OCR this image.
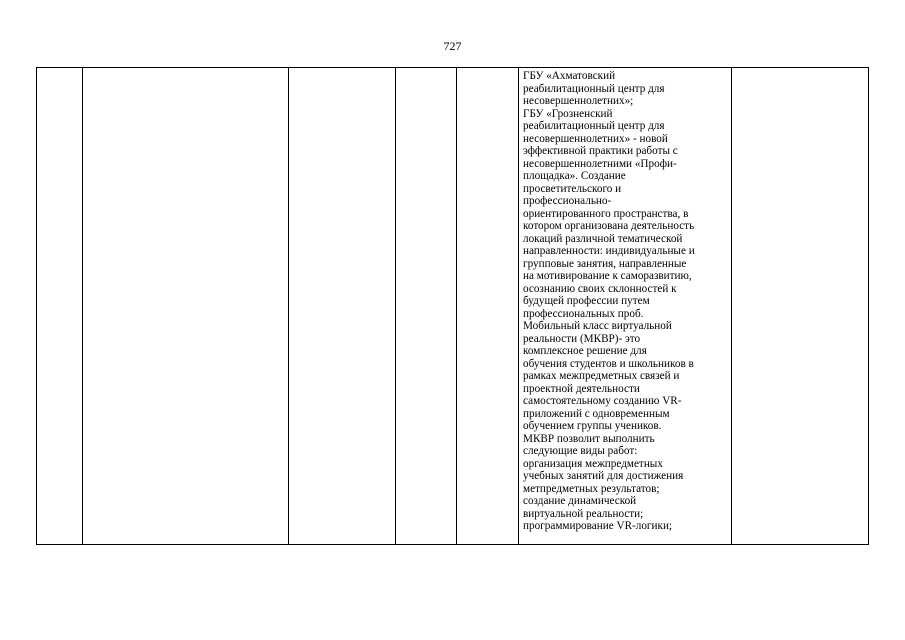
727

ГБУ «Ахматовский
реабилитационный центр для
несовершеннолетних»;
ГБУ «Грозненский
реабилитационный центр для
несовершеннолетних» - новой
эффективной практики работы с
несовершеннолетними «Профи-
площадка». Создание
просветительского и
профессионально-
ориентированного пространства, в
котором организована деятельность
локаций различной тематической
направленности: индивидуальные и
групповые занятия, направленные
на мотивирование к саморазвитию,
осознанию своих склонностей к
будущей профессии путем
профессиональных проб.
Мобильный класс виртуальной
реальности (МКВР)- это
комплексное решение для
обучения студентов и школьников в
рамках межпредметных связей и
проектной деятельности
самостоятельному созданию VR-
приложений с одновременным
обучением группы учеников.
МКВР позволит выполнить
следующие виды работ:
организация межпредметных
учебных занятий для достижения
метпредметных результатов;
создание динамической
виртуальной реальности;
программирование VR-логики;
